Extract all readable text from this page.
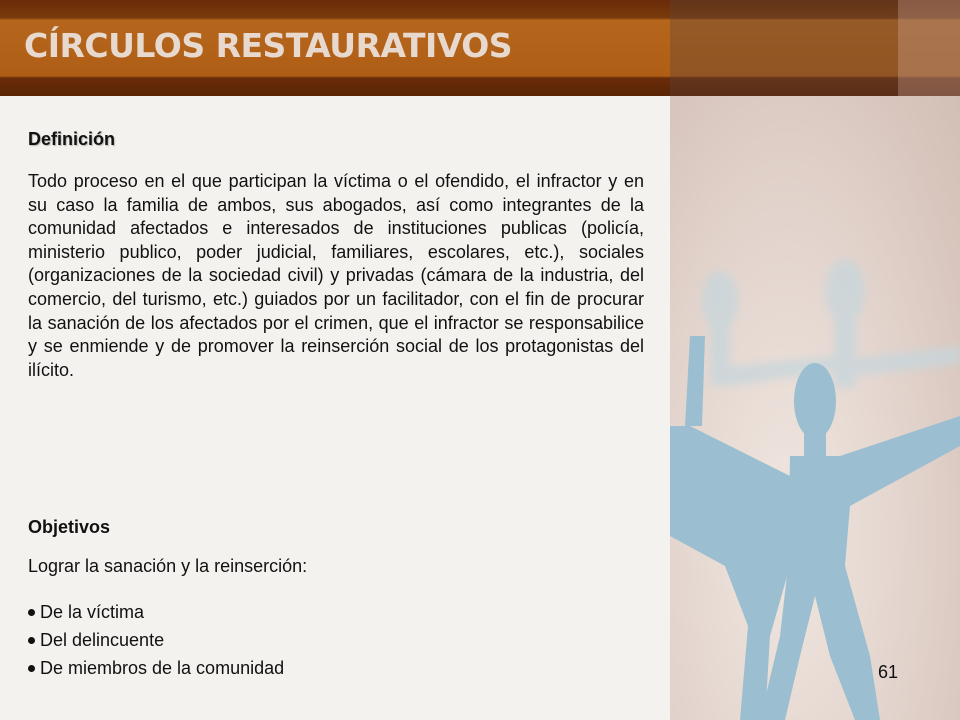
CÍRCULOS RESTAURATIVOS
Definición

Todo proceso en el que participan la víctima o el ofendido, el infractor y en su caso la familia de ambos, sus abogados, así como integrantes de la comunidad afectados e interesados de instituciones publicas (policía, ministerio publico, poder judicial, familiares, escolares, etc.), sociales (organizaciones de la sociedad civil) y privadas (cámara de la industria, del comercio, del turismo, etc.) guiados por un facilitador, con el fin de procurar la sanación de los afectados por el crimen, que el infractor se responsabilice y se enmiende y de promover la reinserción social de los protagonistas del ilícito.

Objetivos
Lograr la sanación y la reinserción:
De la víctima
Del delincuente
De miembros de la comunidad	61
